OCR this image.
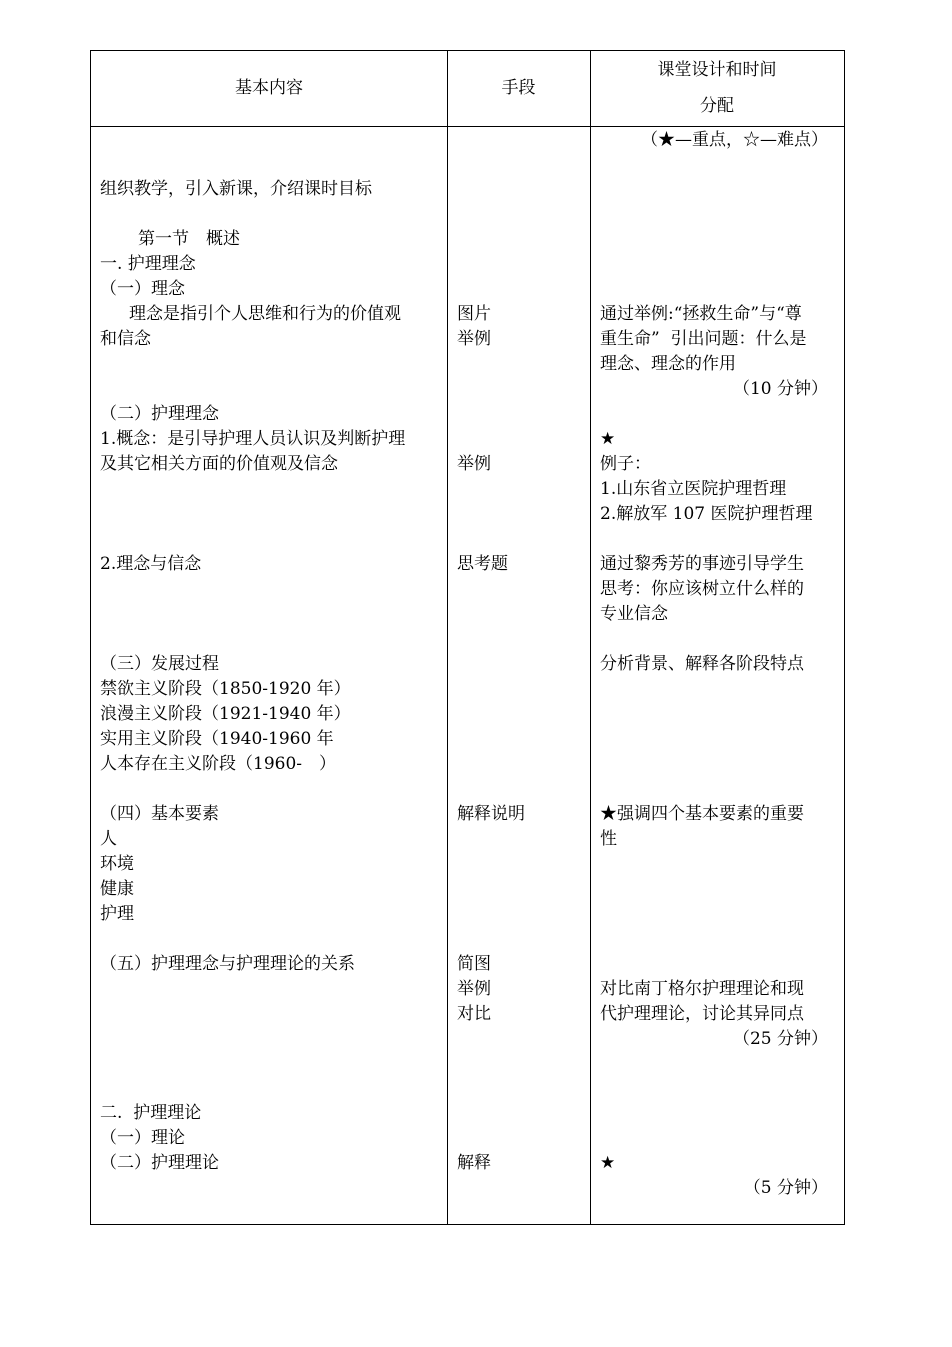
基本内容	手段
课堂设计和时间
分配
组织教学，引入新课，介绍课时目标
第一节　概述
一. 护理理念
（一）理念
理念是指引个人思维和行为的价值观
和信念
（二）护理理念
1.概念：是引导护理人员认识及判断护理
及其它相关方面的价值观及信念
2.理念与信念
（三）发展过程
禁欲主义阶段（1850-1920 年）
浪漫主义阶段（1921-1940 年）
实用主义阶段（1940-1960 年
人本存在主义阶段（1960-　）
（四）基本要素
人
环境
健康
护理
（五）护理理念与护理理论的关系
二.  护理理论
（一）理论
（二）护理理论
图片
举例
举例
思考题
解释说明
简图
举例
对比
解释
（★—重点，☆—难点）
通过举例:“拯救生命”与“尊
重生命”  引出问题：什么是
理念、理念的作用
（10 分钟）
★
例子：
1.山东省立医院护理哲理
2.解放军 107 医院护理哲理
通过黎秀芳的事迹引导学生
思考：你应该树立什么样的
专业信念
分析背景、解释各阶段特点
★强调四个基本要素的重要
性
对比南丁格尔护理理论和现
代护理理论，讨论其异同点
（25 分钟）
★
（5 分钟）
